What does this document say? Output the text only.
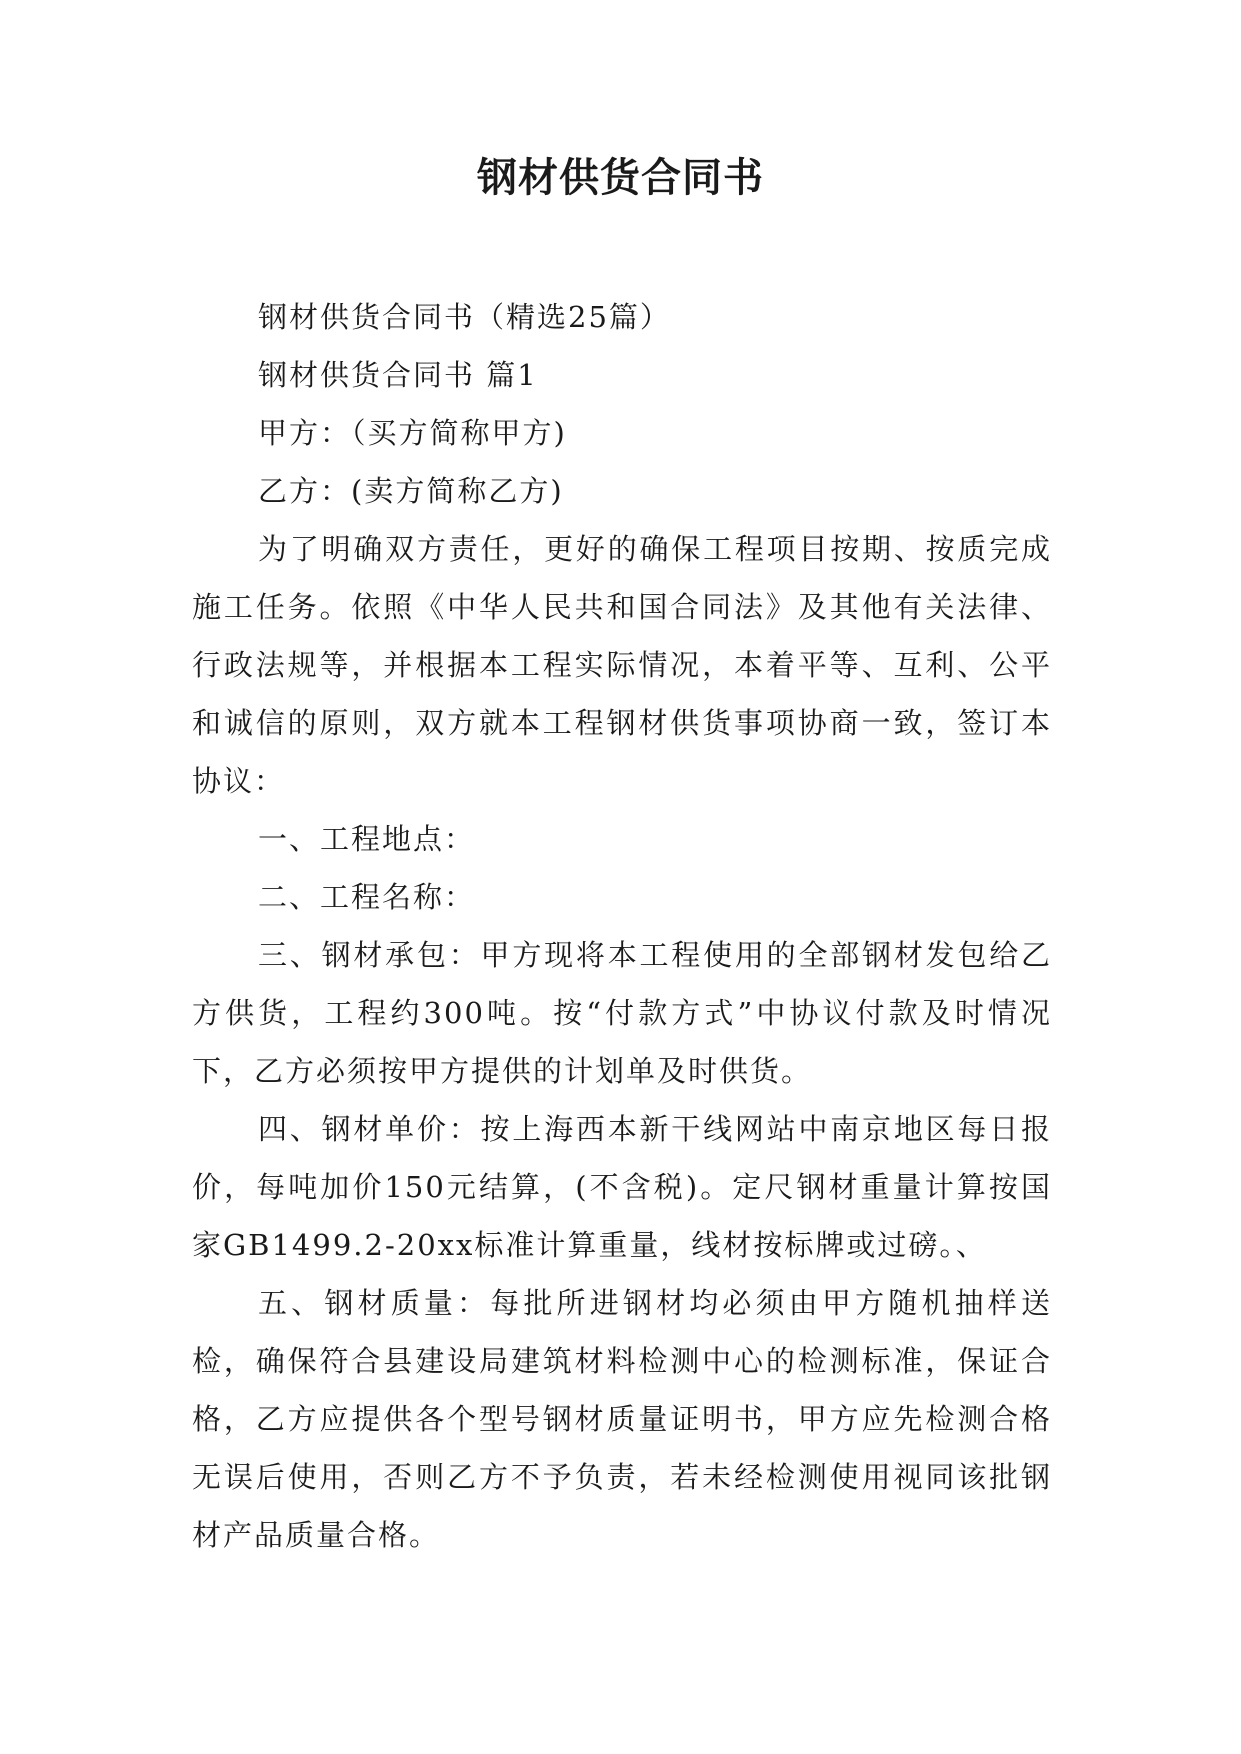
钢材供货合同书

钢材供货合同书（精选25篇）

钢材供货合同书 篇1

甲方：（买方简称甲方)

乙方：(卖方简称乙方)

为了明确双方责任，更好的确保工程项目按期、按质完成施工任务。依照《中华人民共和国合同法》及其他有关法律、行政法规等，并根据本工程实际情况，本着平等、互利、公平和诚信的原则，双方就本工程钢材供货事项协商一致，签订本协议：

一、工程地点：

二、工程名称：

三、钢材承包：甲方现将本工程使用的全部钢材发包给乙方供货，工程约300吨。按“付款方式”中协议付款及时情况下，乙方必须按甲方提供的计划单及时供货。

四、钢材单价：按上海西本新干线网站中南京地区每日报价，每吨加价150元结算，(不含税)。定尺钢材重量计算按国家GB1499.2-20xx标准计算重量，线材按标牌或过磅。、

五、钢材质量：每批所进钢材均必须由甲方随机抽样送检，确保符合县建设局建筑材料检测中心的检测标准，保证合格，乙方应提供各个型号钢材质量证明书，甲方应先检测合格无误后使用，否则乙方不予负责，若未经检测使用视同该批钢材产品质量合格。
